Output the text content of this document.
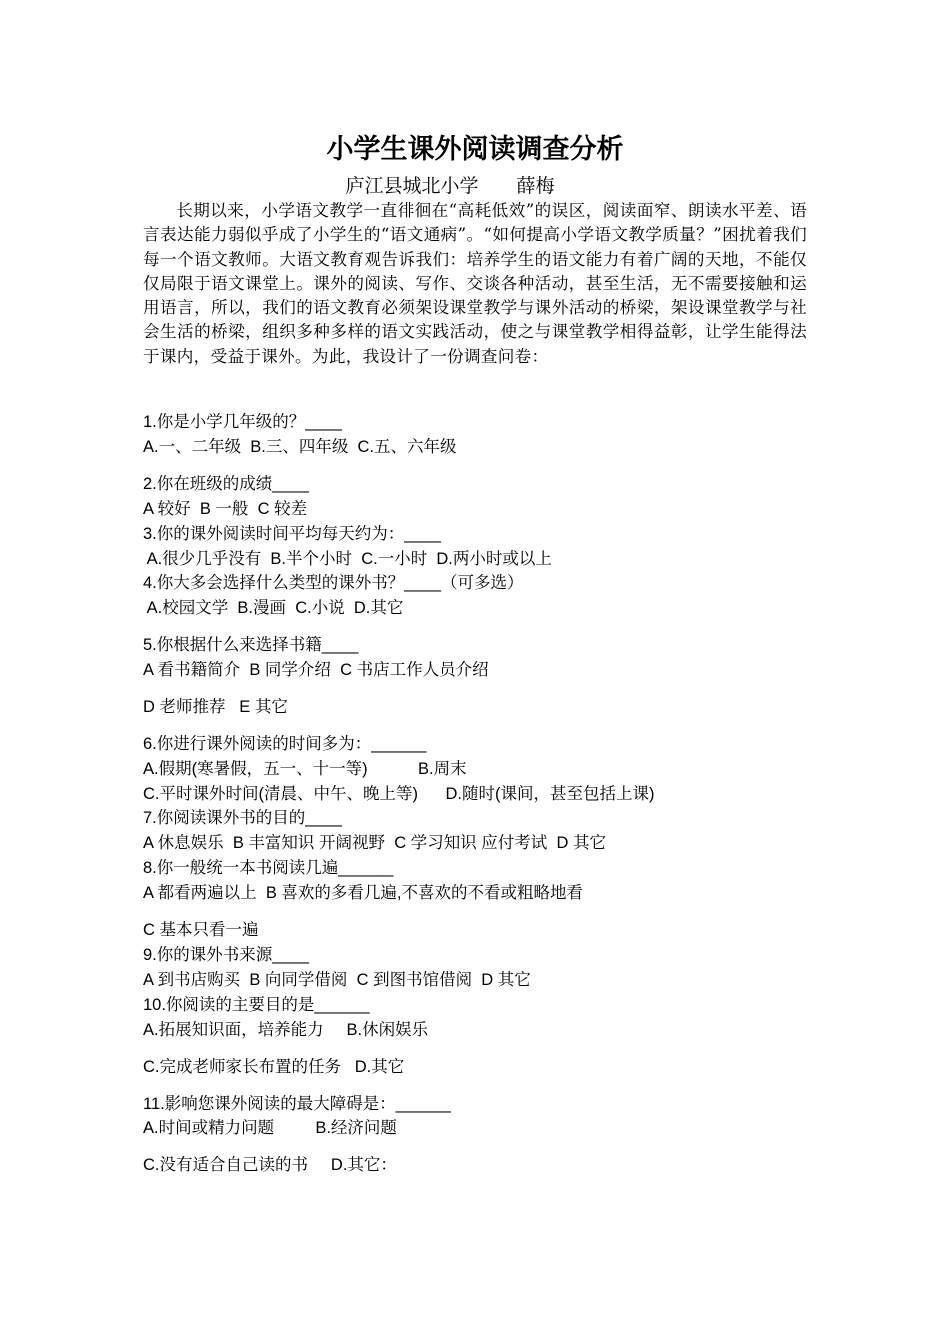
小学生课外阅读调查分析
庐江县城北小学　　薛梅

长期以来，小学语文教学一直徘徊在“高耗低效”的误区，阅读面窄、朗读水平差、语言表达能力弱似乎成了小学生的“语文通病”。“如何提高小学语文教学质量？”困扰着我们每一个语文教师。大语文教育观告诉我们：培养学生的语文能力有着广阔的天地，不能仅仅局限于语文课堂上。课外的阅读、写作、交谈各种活动，甚至生活，无不需要接触和运用语言，所以，我们的语文教育必须架设课堂教学与课外活动的桥梁，架设课堂教学与社会生活的桥梁，组织多种多样的语文实践活动，使之与课堂教学相得益彰，让学生能得法于课内，受益于课外。为此，我设计了一份调查问卷：

1.你是小学几年级的？____
A.一、二年级  B.三、四年级  C.五、六年级
2.你在班级的成绩____
A 较好  B 一般  C 较差
3.你的课外阅读时间平均每天约为：____
A.很少几乎没有  B.半个小时  C.一小时  D.两小时或以上
4.你大多会选择什么类型的课外书？____（可多选）
A.校园文学  B.漫画  C.小说  D.其它
5.你根据什么来选择书籍____
A 看书籍简介  B 同学介绍  C 书店工作人员介绍
D 老师推荐   E 其它
6.你进行课外阅读的时间多为：______
A.假期(寒暑假，五一、十一等)           B.周末
C.平时课外时间(清晨、中午、晚上等)      D.随时(课间，甚至包括上课)
7.你阅读课外书的目的____
A 休息娱乐  B 丰富知识 开阔视野  C 学习知识 应付考试  D 其它
8.你一般统一本书阅读几遍______
A 都看两遍以上  B 喜欢的多看几遍,不喜欢的不看或粗略地看
C 基本只看一遍
9.你的课外书来源____
A 到书店购买  B 向同学借阅  C 到图书馆借阅  D 其它
10.你阅读的主要目的是______
A.拓展知识面，培养能力     B.休闲娱乐
C.完成老师家长布置的任务   D.其它
11.影响您课外阅读的最大障碍是：______
A.时间或精力问题         B.经济问题
C.没有适合自己读的书     D.其它：
